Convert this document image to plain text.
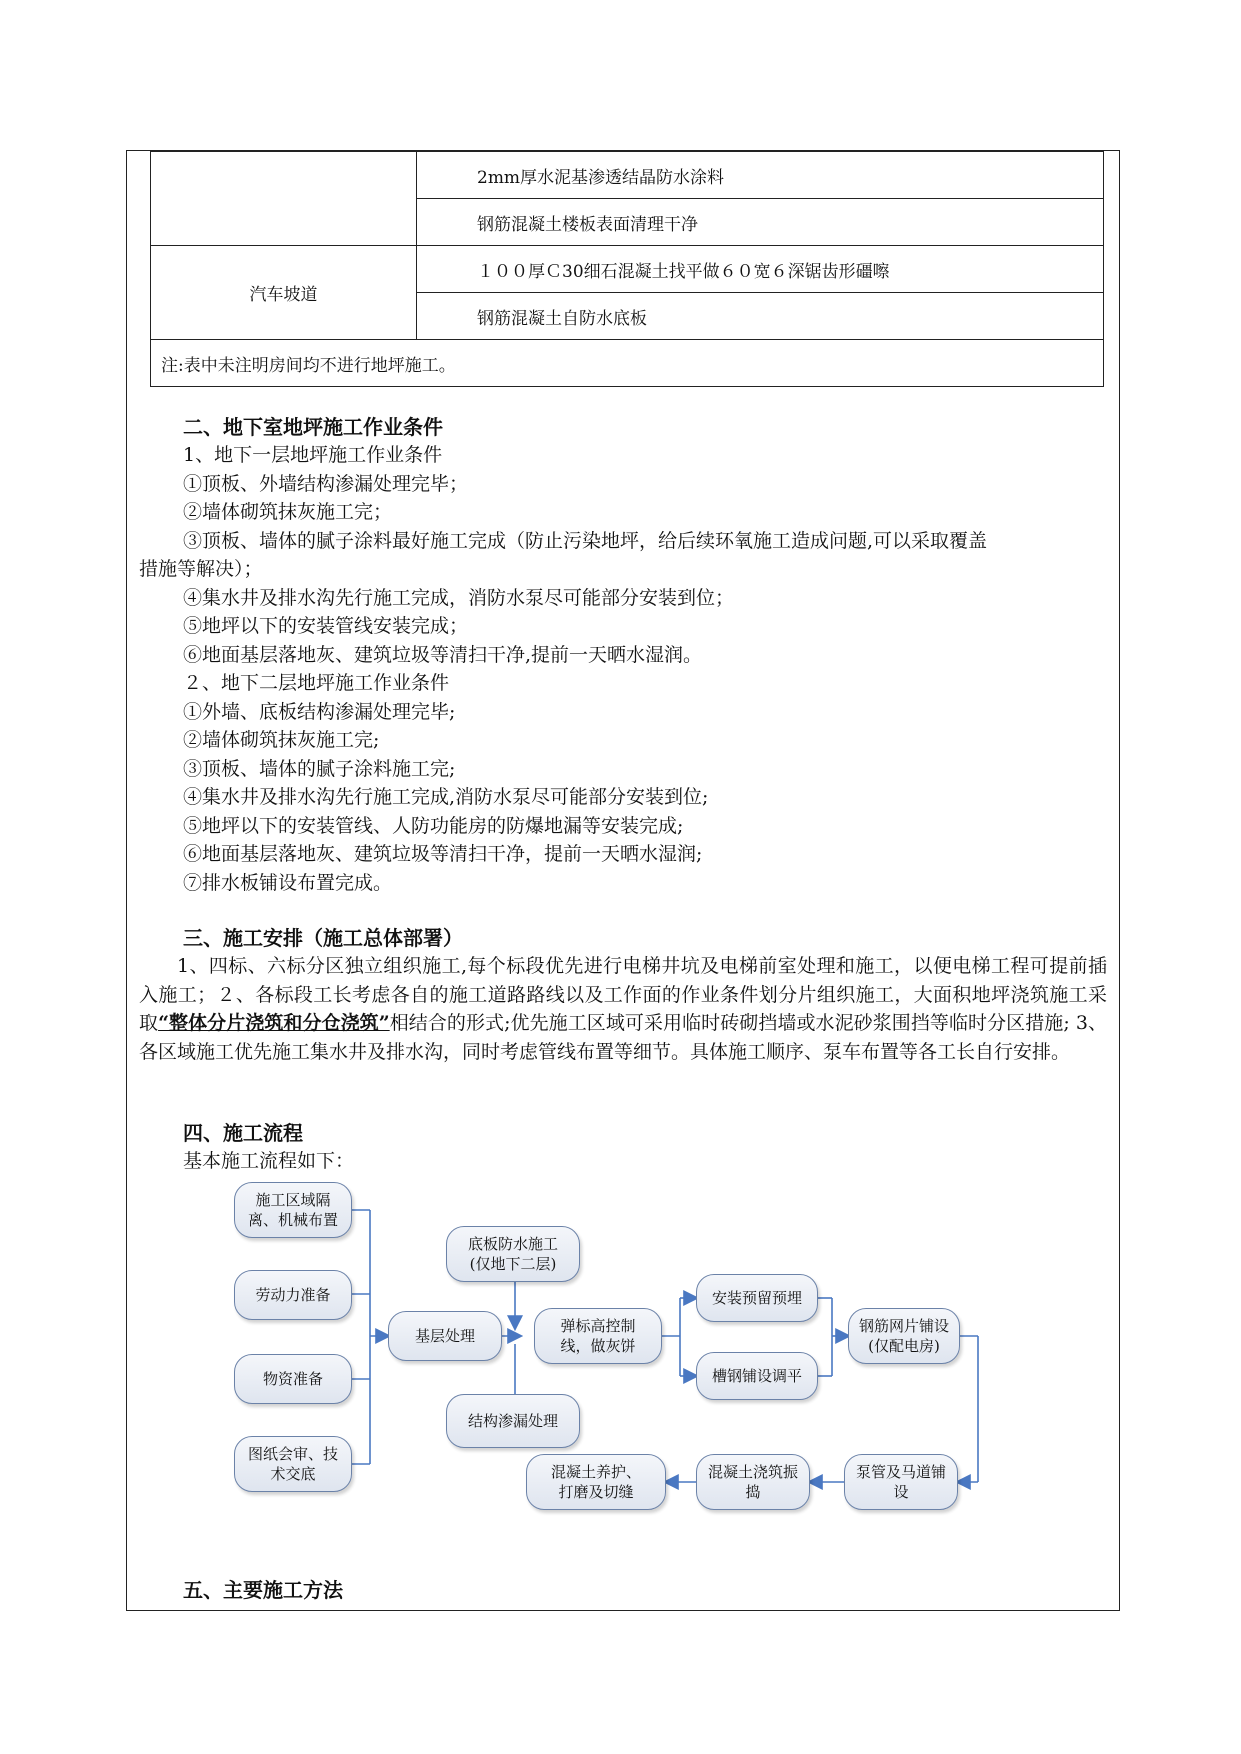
	2mm厚水泥基渗透结晶防水涂料
	钢筋混凝土楼板表面清理干净
汽车坡道	１００厚Ｃ30细石混凝土找平做６０宽６深锯齿形礓嚓
	钢筋混凝土自防水底板
注:表中未注明房间均不进行地坪施工。	
二、地下室地坪施工作业条件
1、地下一层地坪施工作业条件
①顶板、外墙结构渗漏处理完毕；
②墙体砌筑抹灰施工完；
③顶板、墙体的腻子涂料最好施工完成（防止污染地坪，给后续环氧施工造成问题,可以采取覆盖
措施等解决）；
④集水井及排水沟先行施工完成，消防水泵尽可能部分安装到位；
⑤地坪以下的安装管线安装完成；
⑥地面基层落地灰、建筑垃圾等清扫干净,提前一天晒水湿润。
２、地下二层地坪施工作业条件
①外墙、底板结构渗漏处理完毕;
②墙体砌筑抹灰施工完;
③顶板、墙体的腻子涂料施工完;
④集水井及排水沟先行施工完成,消防水泵尽可能部分安装到位;
⑤地坪以下的安装管线、人防功能房的防爆地漏等安装完成;
⑥地面基层落地灰、建筑垃圾等清扫干净，提前一天晒水湿润;
⑦排水板铺设布置完成。
三、施工安排（施工总体部署）
1、四标、六标分区独立组织施工,每个标段优先进行电梯井坑及电梯前室处理和施工，以便电梯工程可提前插入施工；２、各标段工长考虑各自的施工道路路线以及工作面的作业条件划分片组织施工，大面积地坪浇筑施工采取“整体分片浇筑和分仓浇筑”相结合的形式;优先施工区域可采用临时砖砌挡墙或水泥砂浆围挡等临时分区措施; 3、各区域施工优先施工集水井及排水沟，同时考虑管线布置等细节。具体施工顺序、泵车布置等各工长自行安排。
四、施工流程
基本施工流程如下：
施工区域隔
离、机械布置
劳动力准备
物资准备
图纸会审、技
术交底
基层处理
底板防水施工
(仅地下二层)
结构渗漏处理
弹标高控制
线，做灰饼
安装预留预埋
槽钢铺设调平
钢筋网片铺设
(仅配电房)
泵管及马道铺
设
混凝土浇筑振
捣
混凝土养护、
打磨及切缝
五、主要施工方法
